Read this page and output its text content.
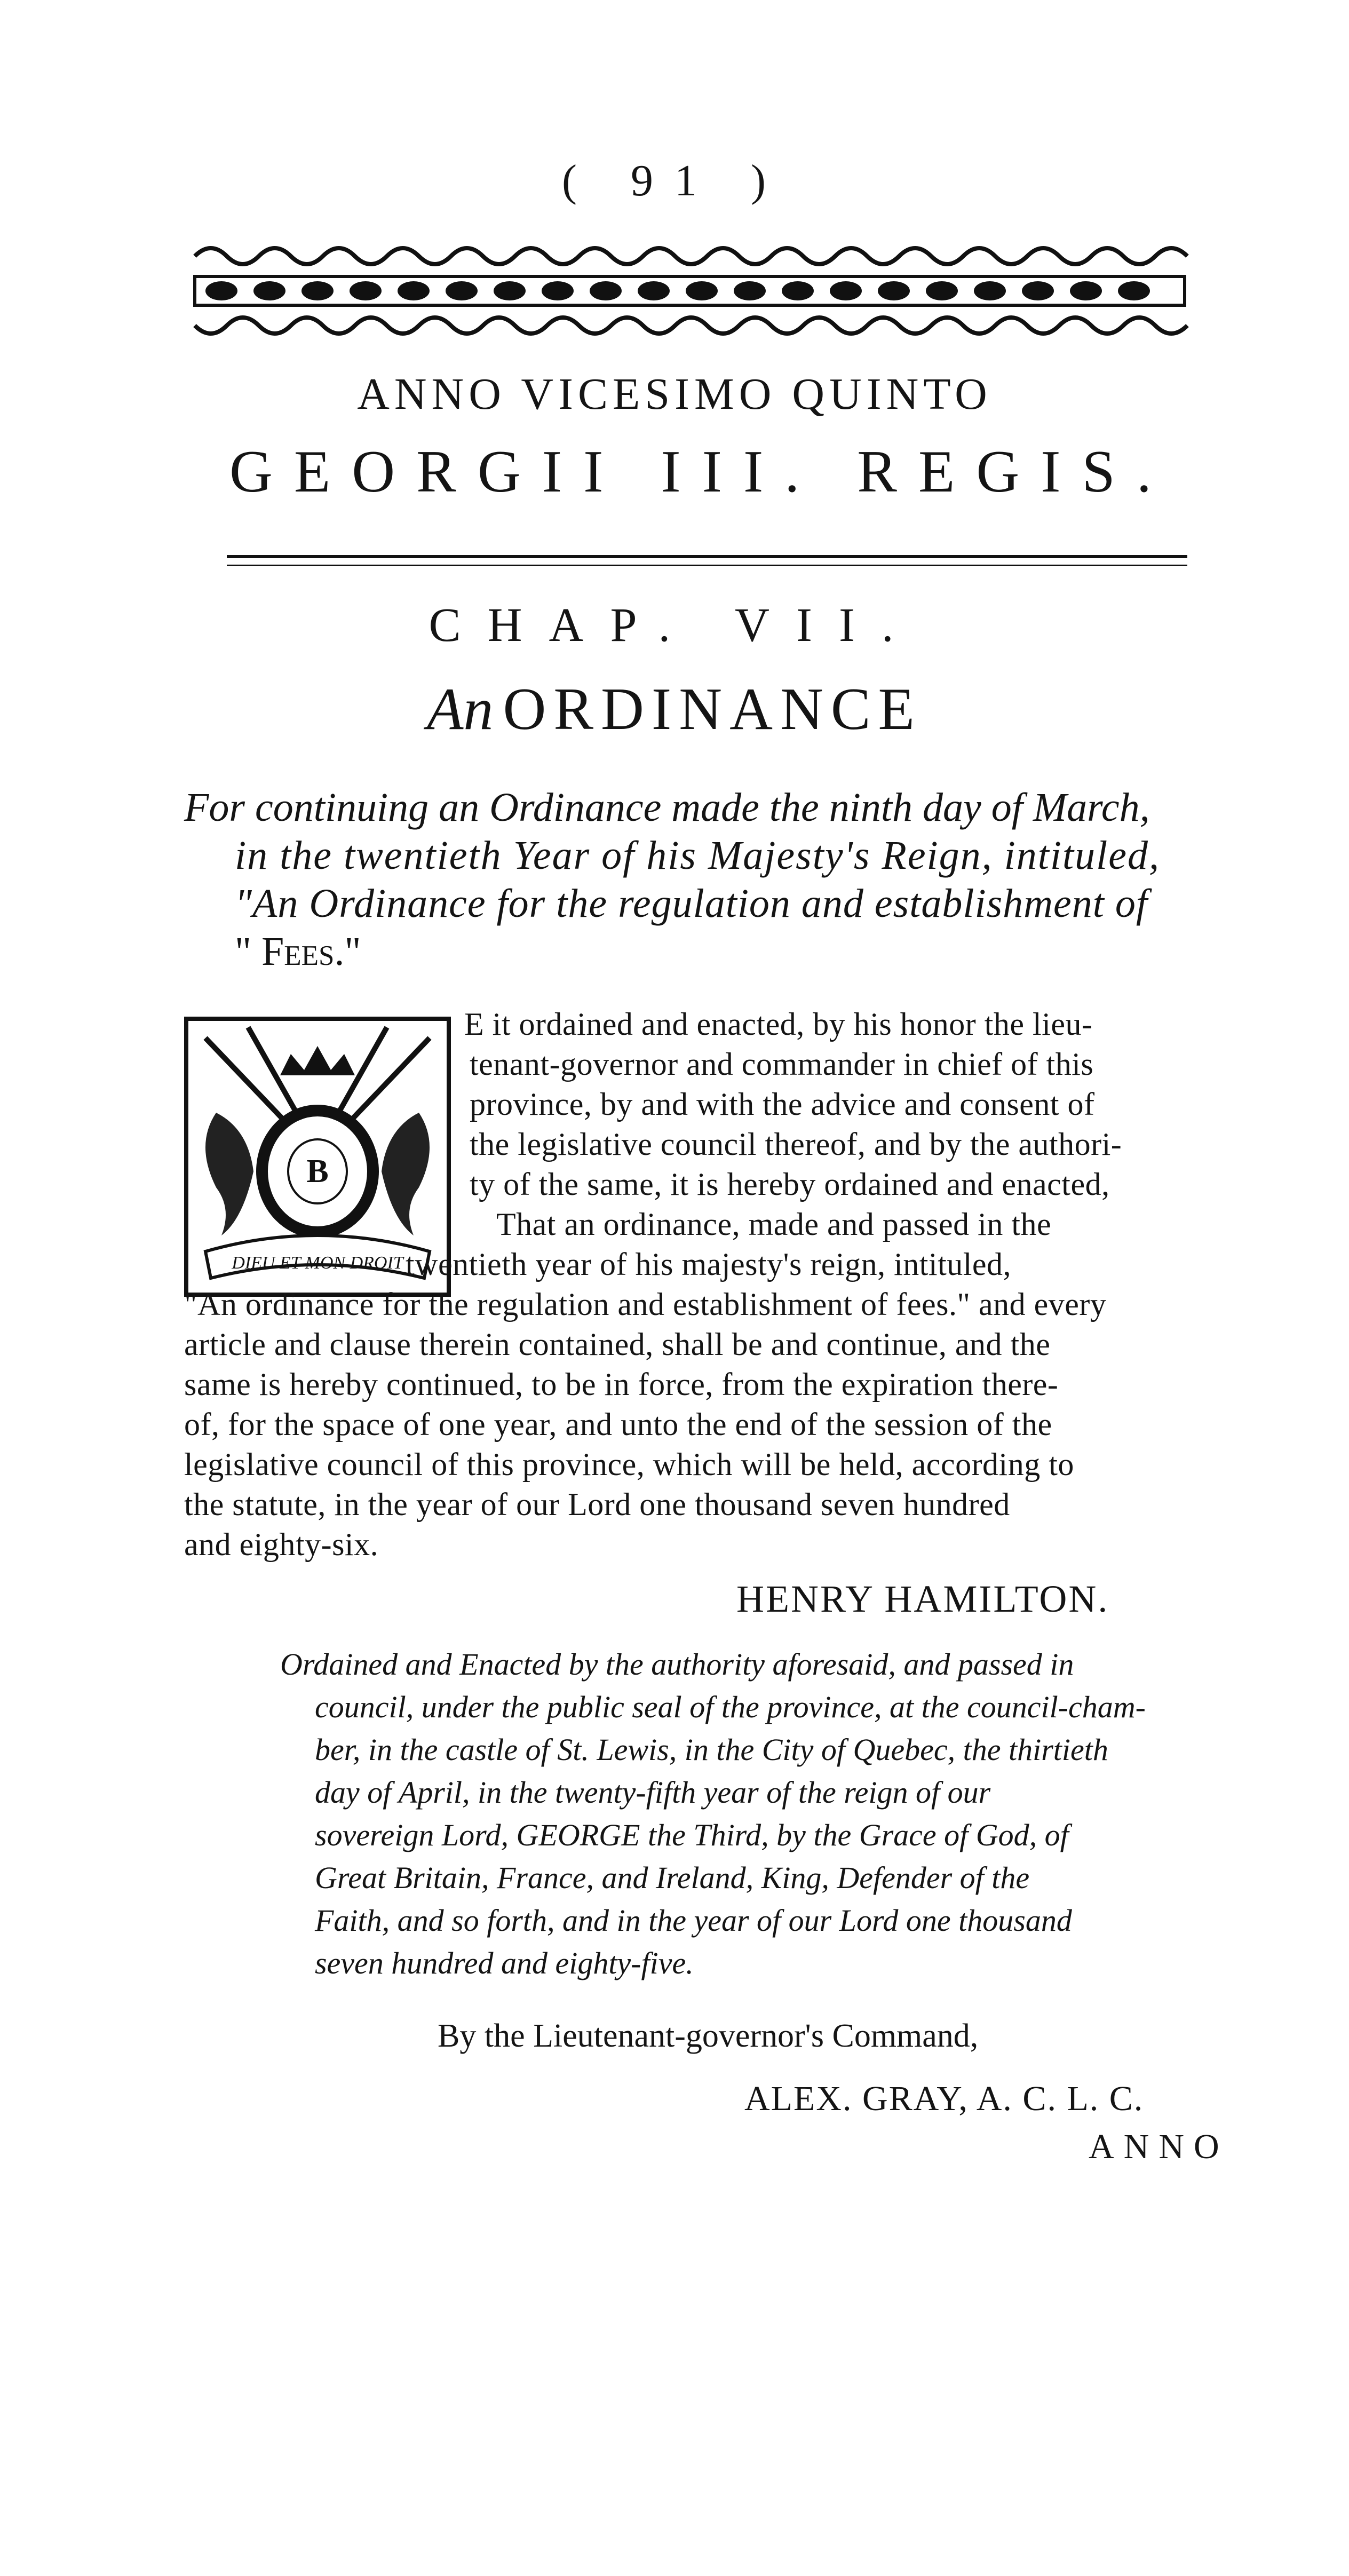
( 91 )
ANNO VICESIMO QUINTO
GEORGII III. REGIS.
CHAP. VII.
An ORDINANCE
For continuing an Ordinance made the ninth day of March,
in the twentieth Year of his Majesty's Reign, intituled,
"An Ordinance for the regulation and establishment of
" Fees."
B
DIEU ET MON DROIT
E it ordained and enacted, by his honor the lieu-
tenant-governor and commander in chief of this
province, by and with the advice and consent of
the legislative council thereof, and by the authori-
ty of the same, it is hereby ordained and enacted,
That an ordinance, made and passed in the
twentieth year of his majesty's reign, intituled,
"An ordinance for the regulation and establishment of fees." and every
article and clause therein contained, shall be and continue, and the
same is hereby continued, to be in force, from the expiration there-
of, for the space of one year, and unto the end of the session of the
legislative council of this province, which will be held, according to
the statute, in the year of our Lord one thousand seven hundred
and eighty-six.
HENRY HAMILTON.
Ordained and Enacted by the authority aforesaid, and passed in
council, under the public seal of the province, at the council-cham-
ber, in the castle of St. Lewis, in the City of Quebec, the thirtieth
day of April, in the twenty-fifth year of the reign of our
sovereign Lord, GEORGE the Third, by the Grace of God, of
Great Britain, France, and Ireland, King, Defender of the
Faith, and so forth, and in the year of our Lord one thousand
seven hundred and eighty-five.
By the Lieutenant-governor's Command,
ALEX. GRAY, A. C. L. C.
ANNO
